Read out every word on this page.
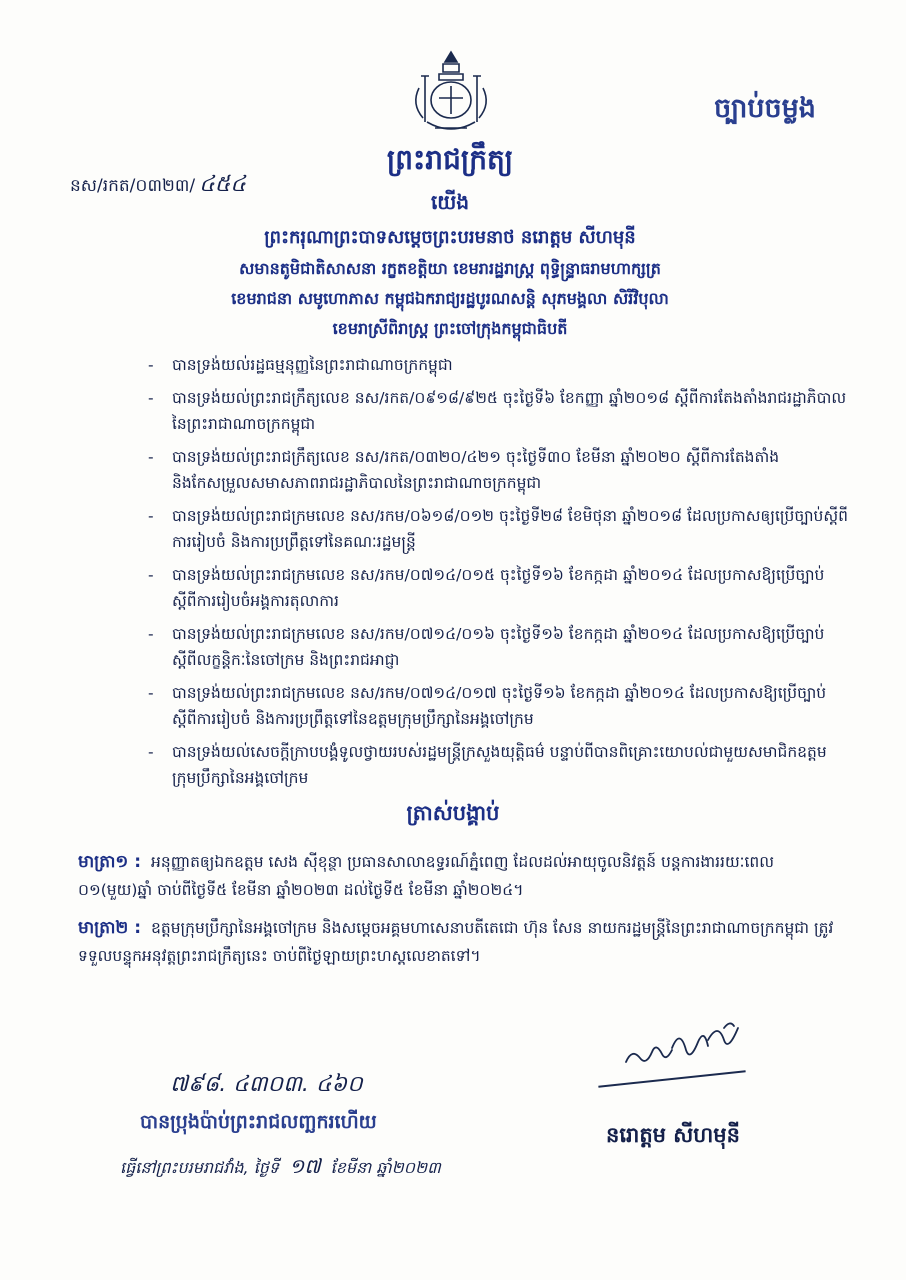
ច្បាប់ចម្លង
នស/រកត/០៣២៣/ ៤៥៤
ព្រះរាជក្រឹត្យ
យើង
ព្រះករុណាព្រះបាទសម្តេចព្រះបរមនាថ នរោត្តម សីហមុនី
សមានតូមិជាតិសាសនា រក្ខតខត្តិយា ខេមរារដ្ឋរាស្ត្រ ពុទ្ធិន្ទ្រាធរាមហាក្សត្រ
ខេមរាជនា សមូហោភាស កម្ពុជឯករាជ្យរដ្ឋបូរណសន្តិ សុភមង្គលា សិរីវិបុលា
ខេមរាស្រីពិរាស្ត្រ ព្រះចៅក្រុងកម្ពុជាធិបតី
- បានទ្រង់យល់រដ្ឋធម្មនុញ្ញនៃព្រះរាជាណាចក្រកម្ពុជា
- បានទ្រង់យល់ព្រះរាជក្រឹត្យលេខ នស/រកត/០៩១៨/៩២៥ ចុះថ្ងៃទី៦ ខែកញ្ញា ឆ្នាំ២០១៨ ស្តីពីការតែងតាំងរាជរដ្ឋាភិបាលនៃព្រះរាជាណាចក្រកម្ពុជា
- បានទ្រង់យល់ព្រះរាជក្រឹត្យលេខ នស/រកត/០៣២០/៤២១ ចុះថ្ងៃទី៣០ ខែមីនា ឆ្នាំ២០២០ ស្តីពីការតែងតាំង និងកែសម្រួលសមាសភាពរាជរដ្ឋាភិបាលនៃព្រះរាជាណាចក្រកម្ពុជា
- បានទ្រង់យល់ព្រះរាជក្រមលេខ នស/រកម/០៦១៨/០១២ ចុះថ្ងៃទី២៨ ខែមិថុនា ឆ្នាំ២០១៨ ដែលប្រកាសឲ្យប្រើច្បាប់ស្តីពីការរៀបចំ និងការប្រព្រឹត្តទៅនៃគណៈរដ្ឋមន្ត្រី
- បានទ្រង់យល់ព្រះរាជក្រមលេខ នស/រកម/០៧១៤/០១៥ ចុះថ្ងៃទី១៦ ខែកក្កដា ឆ្នាំ២០១៤ ដែលប្រកាសឱ្យប្រើច្បាប់ស្តីពីការរៀបចំអង្គការតុលាការ
- បានទ្រង់យល់ព្រះរាជក្រមលេខ នស/រកម/០៧១៤/០១៦ ចុះថ្ងៃទី១៦ ខែកក្កដា ឆ្នាំ២០១៤ ដែលប្រកាសឱ្យប្រើច្បាប់ស្តីពីលក្ខន្តិកៈនៃចៅក្រម និងព្រះរាជអាជ្ញា
- បានទ្រង់យល់ព្រះរាជក្រមលេខ នស/រកម/០៧១៤/០១៧ ចុះថ្ងៃទី១៦ ខែកក្កដា ឆ្នាំ២០១៤ ដែលប្រកាសឱ្យប្រើច្បាប់ស្តីពីការរៀបចំ និងការប្រព្រឹត្តទៅនៃឧត្តមក្រុមប្រឹក្សានៃអង្គចៅក្រម
- បានទ្រង់យល់សេចក្តីក្រាបបង្គំទូលថ្វាយរបស់រដ្ឋមន្ត្រីក្រសួងយុត្តិធម៌ បន្ទាប់ពីបានពិគ្រោះយោបល់ជាមួយសមាជិកឧត្តមក្រុមប្រឹក្សានៃអង្គចៅក្រម
ត្រាស់បង្គាប់
មាត្រា១ : អនុញ្ញាតឲ្យឯកឧត្តម សេង ស៊ីខុន្ថា ប្រធានសាលាឧទ្ធរណ៍ភ្នំពេញ ដែលដល់អាយុចូលនិវត្តន៍ បន្តការងាររយៈពេល ០១(មួយ)ឆ្នាំ ចាប់ពីថ្ងៃទី៥ ខែមីនា ឆ្នាំ២០២៣ ដល់ថ្ងៃទី៥ ខែមីនា ឆ្នាំ២០២៤។
មាត្រា២ : ឧត្តមក្រុមប្រឹក្សានៃអង្គចៅក្រម និងសម្តេចអគ្គមហាសេនាបតីតេជោ ហ៊ុន សែន នាយករដ្ឋមន្ត្រីនៃព្រះរាជាណាចក្រកម្ពុជា ត្រូវទទួលបន្ទុកអនុវត្តព្រះរាជក្រឹត្យនេះ ចាប់ពីថ្ងៃឡាយព្រះហស្តលេខាតទៅ។
នរោត្តម សីហមុនី
៧៩៨. ៤៣០៣. ៤៦០
បានប្រុងប៉ាប់ព្រះរាជលញ្ឆករហើយ
ធ្វើនៅព្រះបរមរាជវាំង, ថ្ងៃទី ១៧ ខែមីនា ឆ្នាំ២០២៣
